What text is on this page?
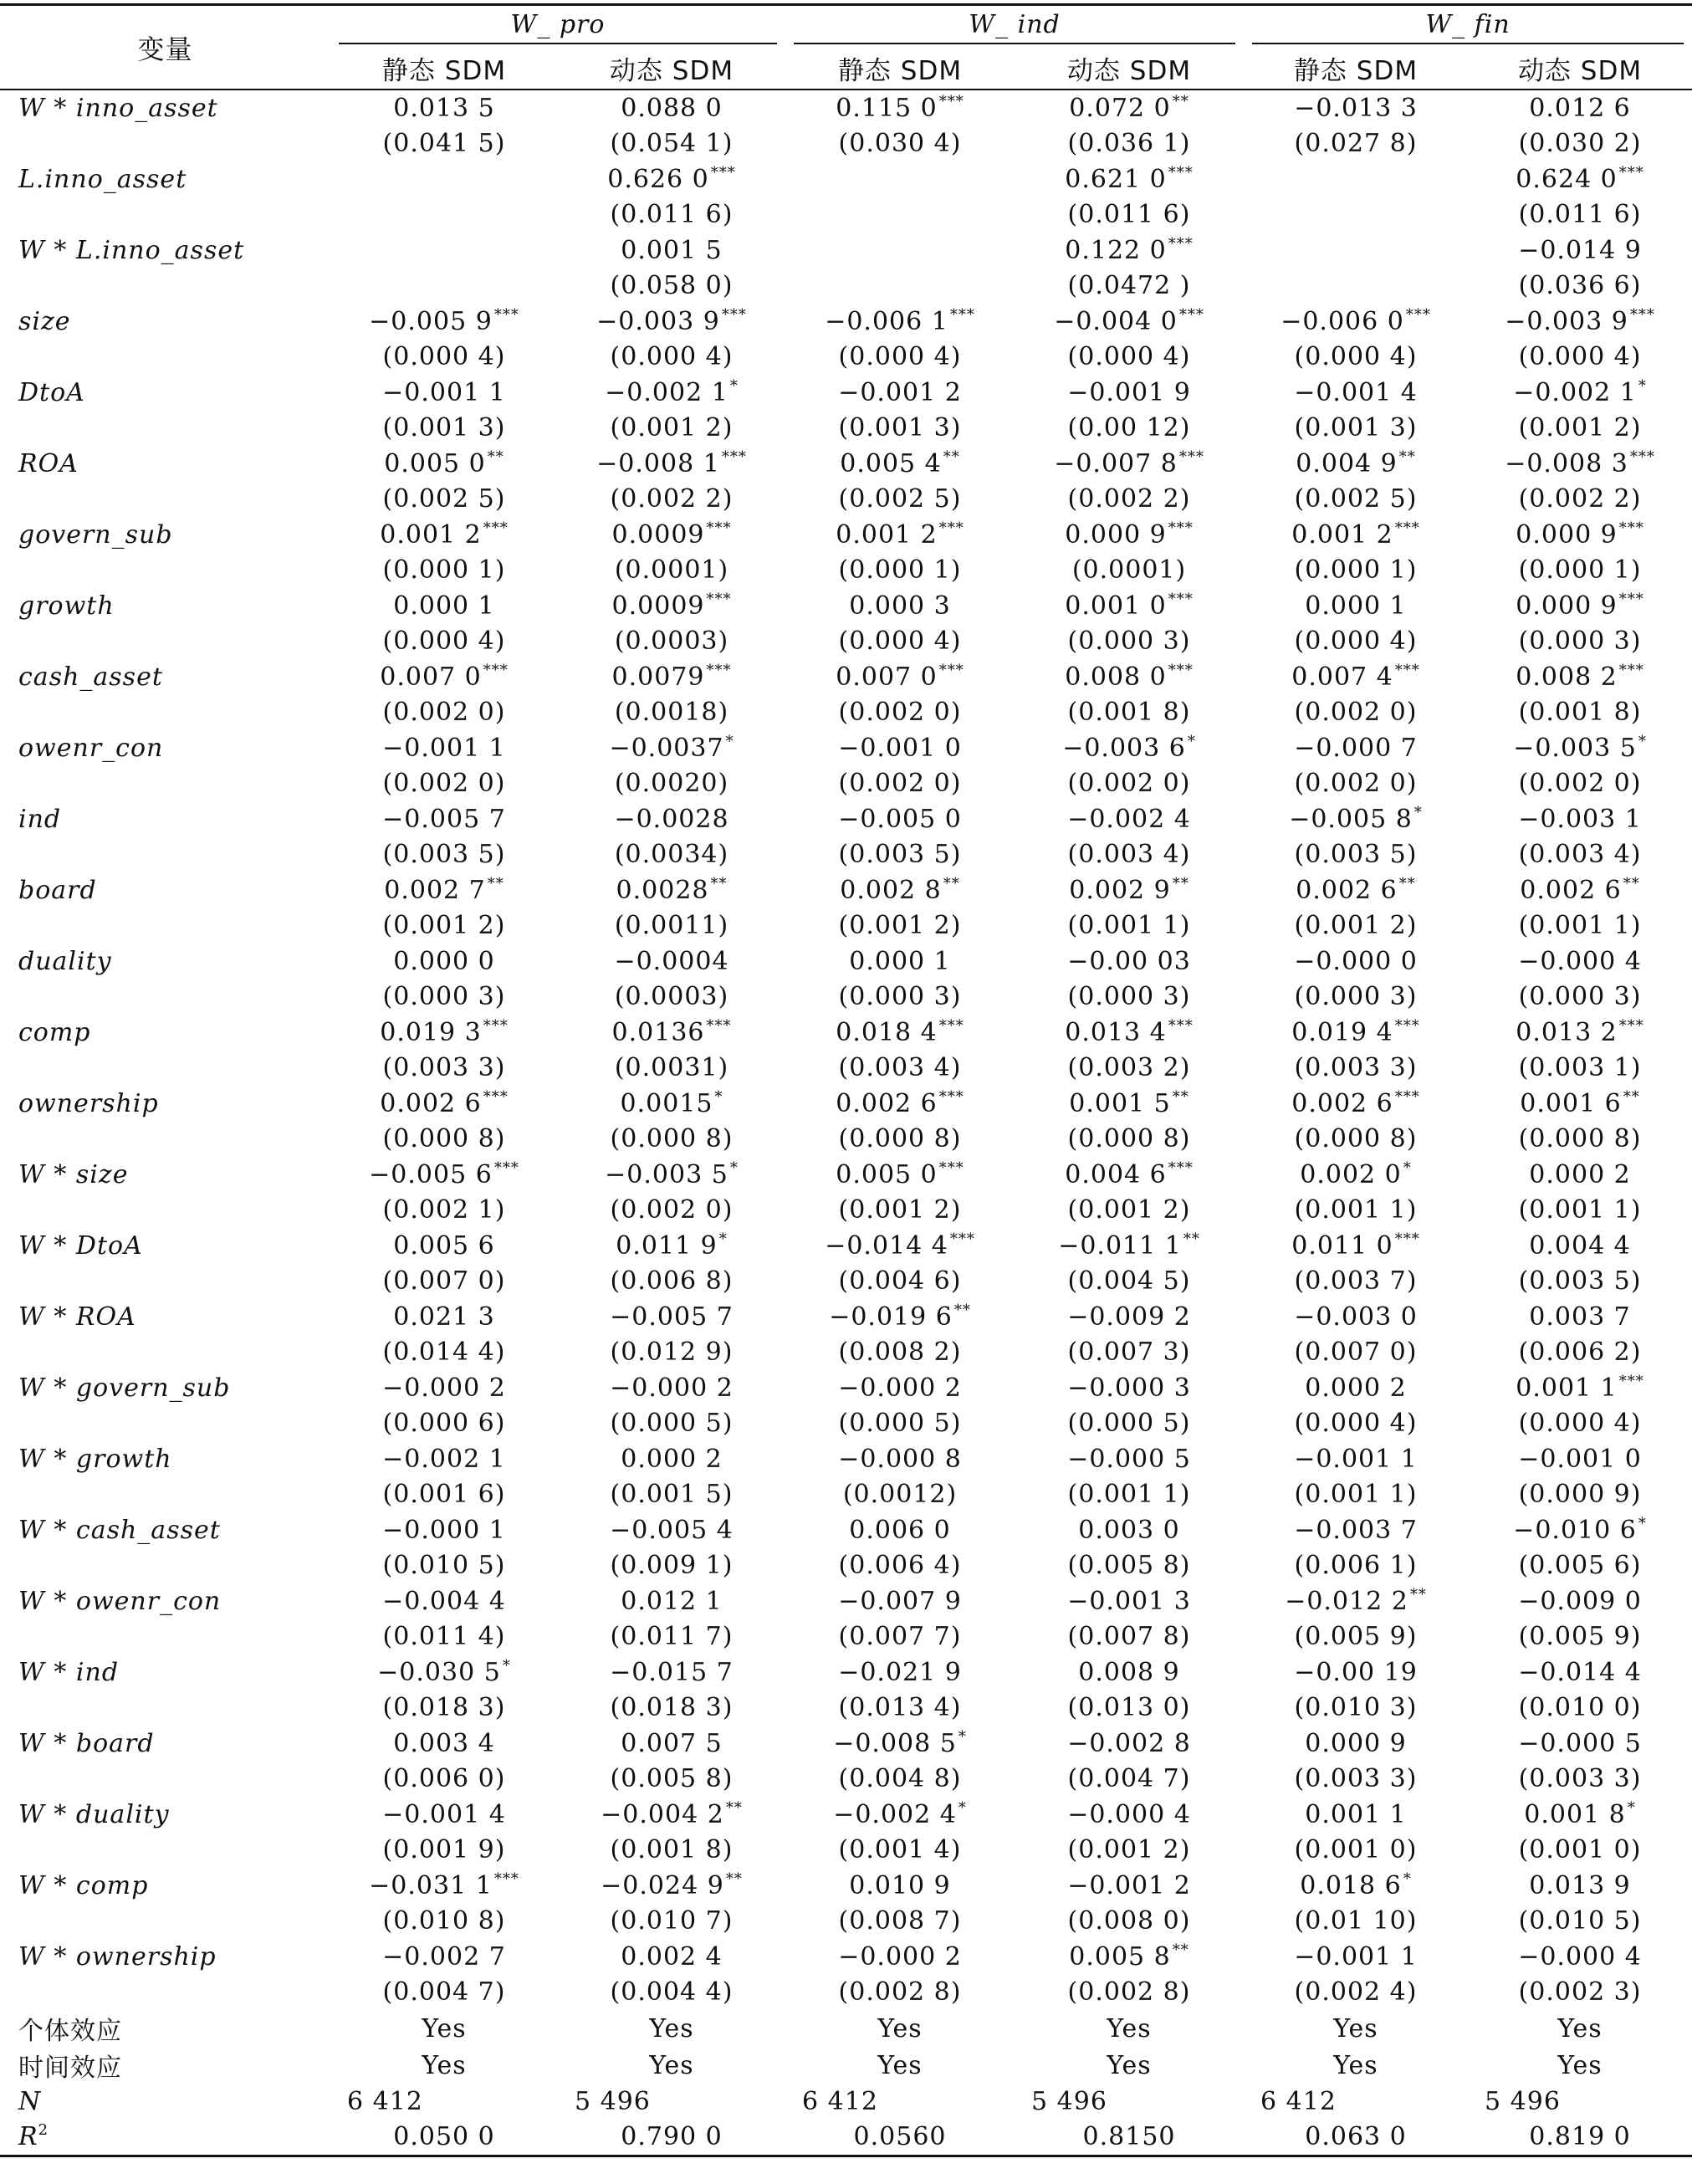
变量	W_ pro		W_ ind		W_ fin	

	静态 SDM	动态 SDM	静态 SDM	动态 SDM	静态 SDM	动态 SDM
W * inno_asset	0.013 5	0.088 0	0.115 0 ***	0.072 0 **	−0.013 3	0.012 6
	(0.041 5)	(0.054 1)	(0.030 4)	(0.036 1)	(0.027 8)	(0.030 2)
L.inno_asset		0.626 0 ***		0.621 0 ***		0.624 0 ***
		(0.011 6)		(0.011 6)		(0.011 6)
W * L.inno_asset		0.001 5		0.122 0 ***		−0.014 9
		(0.058 0)		(0.0472 )		(0.036 6)
size	−0.005 9 ***	−0.003 9 ***	−0.006 1 ***	−0.004 0 ***	−0.006 0 ***	−0.003 9 ***
	(0.000 4)	(0.000 4)	(0.000 4)	(0.000 4)	(0.000 4)	(0.000 4)
DtoA	−0.001 1	−0.002 1 *	−0.001 2	−0.001 9	−0.001 4	−0.002 1 *
	(0.001 3)	(0.001 2)	(0.001 3)	(0.00 12)	(0.001 3)	(0.001 2)
ROA	0.005 0 **	−0.008 1 ***	0.005 4 **	−0.007 8 ***	0.004 9 **	−0.008 3 ***
	(0.002 5)	(0.002 2)	(0.002 5)	(0.002 2)	(0.002 5)	(0.002 2)
govern_sub	0.001 2 ***	0.0009 ***	0.001 2 ***	0.000 9 ***	0.001 2 ***	0.000 9 ***
	(0.000 1)	(0.0001)	(0.000 1)	(0.0001)	(0.000 1)	(0.000 1)
growth	0.000 1	0.0009 ***	0.000 3	0.001 0 ***	0.000 1	0.000 9 ***
	(0.000 4)	(0.0003)	(0.000 4)	(0.000 3)	(0.000 4)	(0.000 3)
cash_asset	0.007 0 ***	0.0079 ***	0.007 0 ***	0.008 0 ***	0.007 4 ***	0.008 2 ***
	(0.002 0)	(0.0018)	(0.002 0)	(0.001 8)	(0.002 0)	(0.001 8)
owenr_con	−0.001 1	−0.0037 *	−0.001 0	−0.003 6 *	−0.000 7	−0.003 5 *
	(0.002 0)	(0.0020)	(0.002 0)	(0.002 0)	(0.002 0)	(0.002 0)
ind	−0.005 7	−0.0028	−0.005 0	−0.002 4	−0.005 8 *	−0.003 1
	(0.003 5)	(0.0034)	(0.003 5)	(0.003 4)	(0.003 5)	(0.003 4)
board	0.002 7 **	0.0028 **	0.002 8 **	0.002 9 **	0.002 6 **	0.002 6 **
	(0.001 2)	(0.0011)	(0.001 2)	(0.001 1)	(0.001 2)	(0.001 1)
duality	0.000 0	−0.0004	0.000 1	−0.00 03	−0.000 0	−0.000 4
	(0.000 3)	(0.0003)	(0.000 3)	(0.000 3)	(0.000 3)	(0.000 3)
comp	0.019 3 ***	0.0136 ***	0.018 4 ***	0.013 4 ***	0.019 4 ***	0.013 2 ***
	(0.003 3)	(0.0031)	(0.003 4)	(0.003 2)	(0.003 3)	(0.003 1)
ownership	0.002 6 ***	0.0015 *	0.002 6 ***	0.001 5 **	0.002 6 ***	0.001 6 **
	(0.000 8)	(0.000 8)	(0.000 8)	(0.000 8)	(0.000 8)	(0.000 8)
W * size	−0.005 6 ***	−0.003 5 *	0.005 0 ***	0.004 6 ***	0.002 0 *	0.000 2
	(0.002 1)	(0.002 0)	(0.001 2)	(0.001 2)	(0.001 1)	(0.001 1)
W * DtoA	0.005 6	0.011 9 *	−0.014 4 ***	−0.011 1 **	0.011 0 ***	0.004 4
	(0.007 0)	(0.006 8)	(0.004 6)	(0.004 5)	(0.003 7)	(0.003 5)
W * ROA	0.021 3	−0.005 7	−0.019 6 **	−0.009 2	−0.003 0	0.003 7
	(0.014 4)	(0.012 9)	(0.008 2)	(0.007 3)	(0.007 0)	(0.006 2)
W * govern_sub	−0.000 2	−0.000 2	−0.000 2	−0.000 3	0.000 2	0.001 1 ***
	(0.000 6)	(0.000 5)	(0.000 5)	(0.000 5)	(0.000 4)	(0.000 4)
W * growth	−0.002 1	0.000 2	−0.000 8	−0.000 5	−0.001 1	−0.001 0
	(0.001 6)	(0.001 5)	(0.0012)	(0.001 1)	(0.001 1)	(0.000 9)
W * cash_asset	−0.000 1	−0.005 4	0.006 0	0.003 0	−0.003 7	−0.010 6 *
	(0.010 5)	(0.009 1)	(0.006 4)	(0.005 8)	(0.006 1)	(0.005 6)
W * owenr_con	−0.004 4	0.012 1	−0.007 9	−0.001 3	−0.012 2 **	−0.009 0
	(0.011 4)	(0.011 7)	(0.007 7)	(0.007 8)	(0.005 9)	(0.005 9)
W * ind	−0.030 5 *	−0.015 7	−0.021 9	0.008 9	−0.00 19	−0.014 4
	(0.018 3)	(0.018 3)	(0.013 4)	(0.013 0)	(0.010 3)	(0.010 0)
W * board	0.003 4	0.007 5	−0.008 5 *	−0.002 8	0.000 9	−0.000 5
	(0.006 0)	(0.005 8)	(0.004 8)	(0.004 7)	(0.003 3)	(0.003 3)
W * duality	−0.001 4	−0.004 2 **	−0.002 4 *	−0.000 4	0.001 1	0.001 8 *
	(0.001 9)	(0.001 8)	(0.001 4)	(0.001 2)	(0.001 0)	(0.001 0)
W * comp	−0.031 1 ***	−0.024 9 **	0.010 9	−0.001 2	0.018 6 *	0.013 9
	(0.010 8)	(0.010 7)	(0.008 7)	(0.008 0)	(0.01 10)	(0.010 5)
W * ownership	−0.002 7	0.002 4	−0.000 2	0.005 8 **	−0.001 1	−0.000 4
	(0.004 7)	(0.004 4)	(0.002 8)	(0.002 8)	(0.002 4)	(0.002 3)
个体效应	Yes	Yes	Yes	Yes	Yes	Yes
时间效应	Yes	Yes	Yes	Yes	Yes	Yes
N	6 412	5 496	6 412	5 496	6 412	5 496
$R^2$	0.050 0	0.790 0	0.0560	0.8150	0.063 0	0.819 0
